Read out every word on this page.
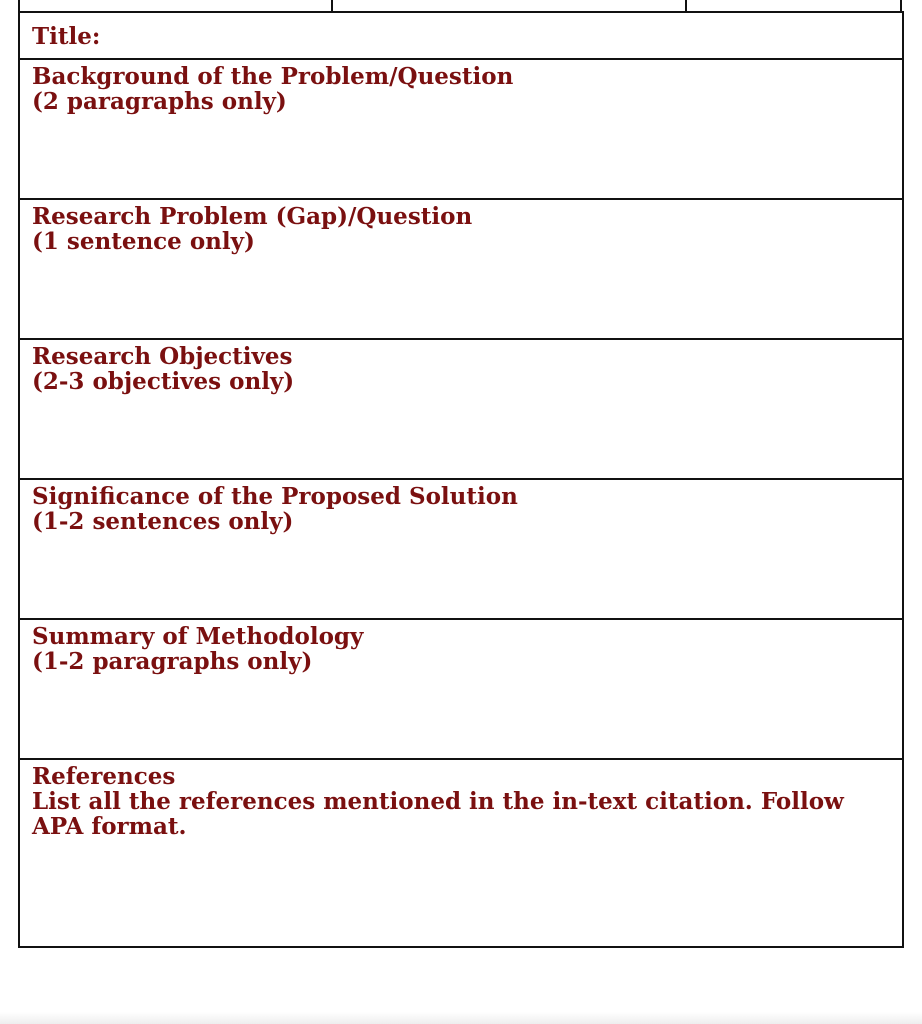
Title:
Background of the Problem/Question
(2 paragraphs only)
Research Problem (Gap)/Question
(1 sentence only)
Research Objectives
(2-3 objectives only)
Significance of the Proposed Solution
(1-2 sentences only)
Summary of Methodology
(1-2 paragraphs only)
References
List all the references mentioned in the in-text citation. Follow APA format.
